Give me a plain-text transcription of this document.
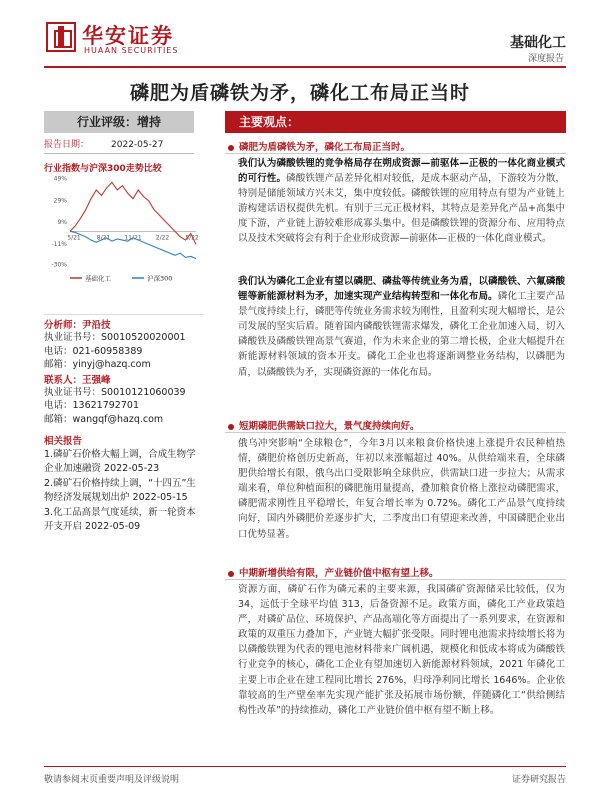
华安证券
HUAAN SECURITIES	基础化工
深度报告
磷肥为盾磷铁为矛，磷化工布局正当时
行业评级：增持
报告日期： 2022-05-27
行业指数与沪深300走势比较
49%
29%
9%
-11%
-30%
5/21	8/21 11/21 2/22	5/22
基础化工	沪深300
分析师：尹沿技
执业证书号：S0010520020001
电话：021-60958389
邮箱：yinyj@hazq.com
联系人：王强峰
执业证书号：S0010121060039
电话：13621792701
邮箱：wangqf@hazq.com
相关报告
1.磷矿石价格大幅上调，合成生物学企业加速融资 2022-05-23
2.磷矿石价格持续上调，“十四五”生物经济发展规划出炉 2022-05-15
3.化工品高景气度延续，新一轮资本开支开启 2022-05-09
主要观点：
磷肥为盾磷铁为矛，磷化工布局正当时。
我们认为磷酸铁锂的竞争格局存在朔成资源—前驱体—正极的一体化商业模式的可行性。磷酸铁锂产品差异化相对较低，是成本驱动产品，下游较为分散，特别是储能领域方兴未艾，集中度较低。磷酸铁锂的应用特点有望为产业链上游构建话语权提供先机。有别于三元正极材料，其特点是差异化产品+高集中度下游，产业链上游较难形成寡头集中。但是磷酸铁锂的资源分布、应用特点以及技术突破将会有利于企业形成资源—前驱体—正极的一体化商业模式。
我们认为磷化工企业有望以磷肥、磷盐等传统业务为盾，以磷酸铁、六氟磷酸锂等新能源材料为矛，加速实现产业结构转型和一体化布局。磷化工主要产品景气度持续上行，磷肥等传统业务需求较为刚性，且盈利实现大幅增长，是公司发展的坚实后盾。随着国内磷酸铁锂需求爆发，磷化工企业加速入局，切入磷酸铁及磷酸铁锂高景气赛道，作为未来企业的第二增长极，企业大幅提升在新能源材料领域的资本开支。磷化工企业也将逐渐调整业务结构，以磷肥为盾，以磷酸铁为矛，实现磷资源的一体化布局。
短期磷肥供需缺口拉大，景气度持续向好。
俄乌冲突影响“全球粮仓”，今年3月以来粮食价格快速上涨提升农民种植热情，磷肥价格创历史新高，年初以来涨幅超过 40%。从供给端来看，全球磷肥供给增长有限，俄乌出口受限影响全球供应，供需缺口进一步拉大；从需求端来看，单位种植面积的磷肥施用量提高，叠加粮食价格上涨拉动磷肥需求，磷肥需求刚性且平稳增长，年复合增长率为 0.72%。磷化工产品景气度持续向好，国内外磷肥价差逐步扩大，二季度出口有望迎来改善，中国磷肥企业出口优势显著。
中期新增供给有限，产业链价值中枢有望上移。
资源方面，磷矿石作为磷元素的主要来源，我国磷矿资源储采比较低，仅为 34，远低于全球平均值 313，后备资源不足。政策方面，磷化工产业政策趋严，对磷矿品位、环境保护、产品高端化等方面提出了一系列要求，在资源和政策的双重压力叠加下，产业链大幅扩张受限。同时锂电池需求持续增长将为以磷酸铁锂为代表的锂电池材料带来广阔机遇，规模化和低成本将成为磷酸铁行业竞争的核心，磷化工企业有望加速切入新能源材料领域，2021 年磷化工主要上市企业在建工程同比增长 276%，归母净利同比增长 1646%。企业依靠较高的生产壁垒率先实现产能扩张及拓展市场份额，伴随磷化工“供给侧结构性改革”的持续推动，磷化工产业链价值中枢有望不断上移。
敬请参阅末页重要声明及评级说明	证券研究报告
